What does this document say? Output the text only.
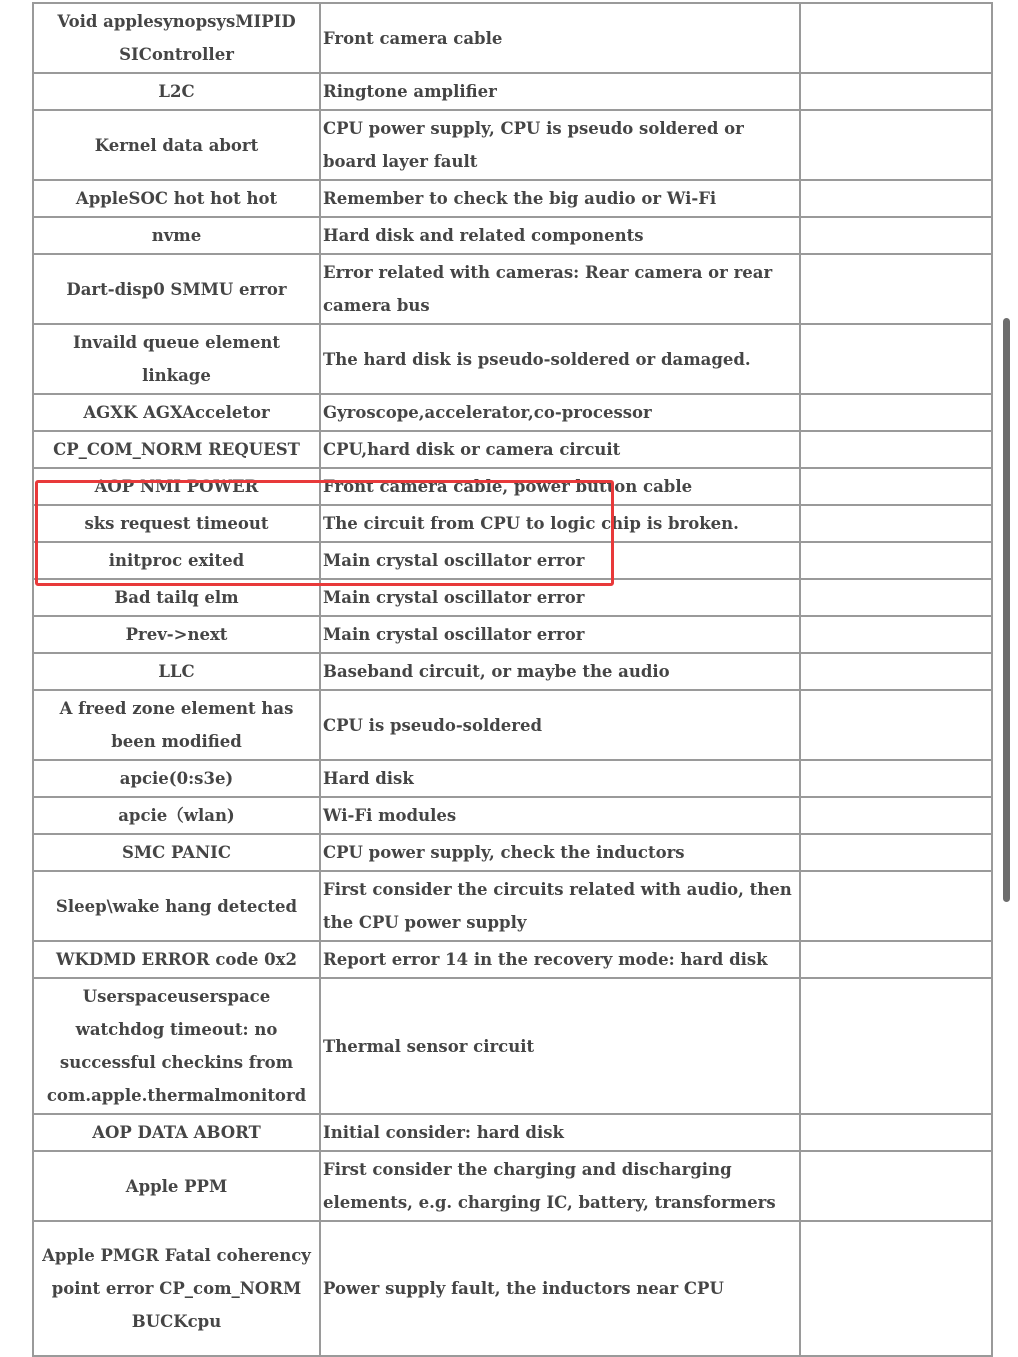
Void applesynopsysMIPID SIController	Front camera cable	
L2C	Ringtone amplifier	
Kernel data abort	CPU power supply, CPU is pseudo soldered or board layer fault	
AppleSOC hot hot hot	Remember to check the big audio or Wi-Fi	
nvme	Hard disk and related components	
Dart-disp0 SMMU error	Error related with cameras: Rear camera or rear camera bus	
Invaild queue element linkage	The hard disk is pseudo-soldered or damaged.	
AGXK AGXAcceletor	Gyroscope,accelerator,co-processor	
CP_COM_NORM REQUEST	CPU,hard disk or camera circuit	
AOP NMI POWER	Front camera cable, power button cable	
sks request timeout	The circuit from CPU to logic chip is broken.	
initproc exited	Main crystal oscillator error	
Bad tailq elm	Main crystal oscillator error	
Prev->next	Main crystal oscillator error	
LLC	Baseband circuit, or maybe the audio	
A freed zone element has been modified	CPU is pseudo-soldered	
apcie(0:s3e)	Hard disk	
apcie（wlan)	Wi-Fi modules	
SMC PANIC	CPU power supply, check the inductors	
Sleep\wake hang detected	First consider the circuits related with audio, then the CPU power supply	
WKDMD ERROR code 0x2	Report error 14 in the recovery mode: hard disk	
Userspaceuserspace watchdog timeout: no successful checkins from com.apple.thermalmonitord	Thermal sensor circuit	
AOP DATA ABORT	Initial consider: hard disk	
Apple PPM	First consider the charging and discharging elements, e.g. charging IC, battery, transformers	
Apple PMGR Fatal coherency point error CP_com_NORM BUCKcpu	Power supply fault, the inductors near CPU	
